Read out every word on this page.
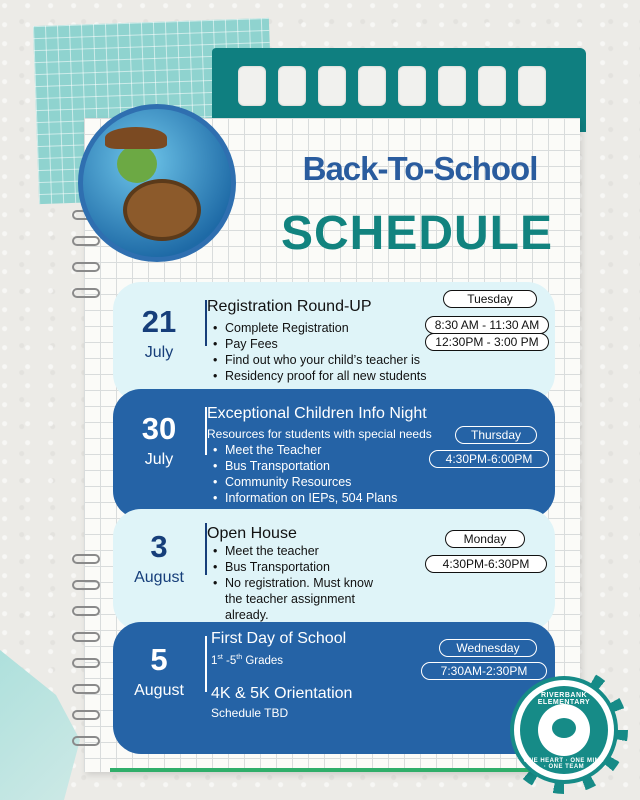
Back-To-School
SCHEDULE
21
July
Registration Round-UP
• Complete Registration
• Pay Fees
• Find out who your child’s teacher is
• Residency proof for all new students
Tuesday
8:30 AM - 11:30 AM
12:30PM - 3:00 PM
30
July
Exceptional Children Info Night
Resources for students with special needs
• Meet the Teacher
• Bus Transportation
• Community Resources
• Information on IEPs, 504 Plans
Thursday
4:30PM-6:00PM
3
August
Open House
• Meet the teacher
• Bus Transportation
• No registration. Must know
the teacher assignment
already.
Monday
4:30PM-6:30PM
5
August
First Day of School
1st -5th Grades
4K & 5K Orientation
Schedule TBD
Wednesday
7:30AM-2:30PM
RIVERBANK ELEMENTARY
ONE HEART · ONE MIND · ONE TEAM
